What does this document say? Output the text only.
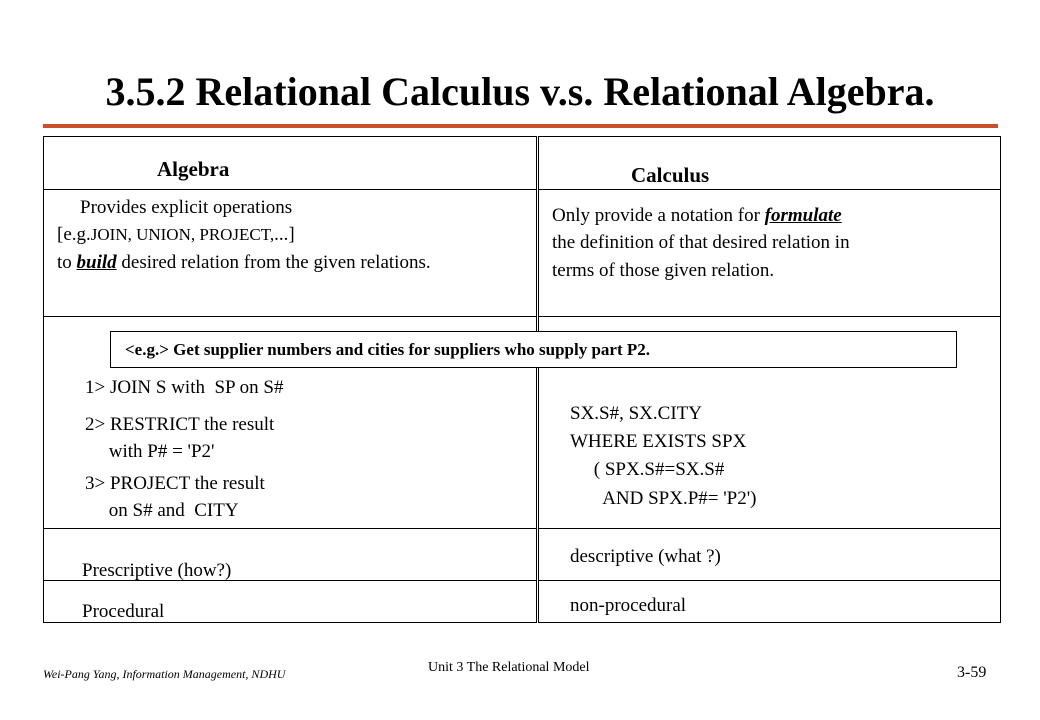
3.5.2 Relational Calculus v.s. Relational Algebra.
Algebra
Provides explicit operations
[e.g.JOIN, UNION, PROJECT,...]
to build desired relation from the given relations.
1> JOIN S with  SP on S#
2> RESTRICT the result
with P# = 'P2'
3> PROJECT the result
on S# and  CITY
Prescriptive (how?)
Procedural
Calculus
Only provide a notation for formulate
the definition of that desired relation in
terms of those given relation.
SX.S#, SX.CITY
WHERE EXISTS SPX
( SPX.S#=SX.S#
AND SPX.P#= 'P2')
descriptive (what ?)
non-procedural
<e.g.> Get supplier numbers and cities for suppliers who supply part P2.
Wei-Pang Yang, Information Management, NDHU	Unit 3 The Relational Model	3-59
